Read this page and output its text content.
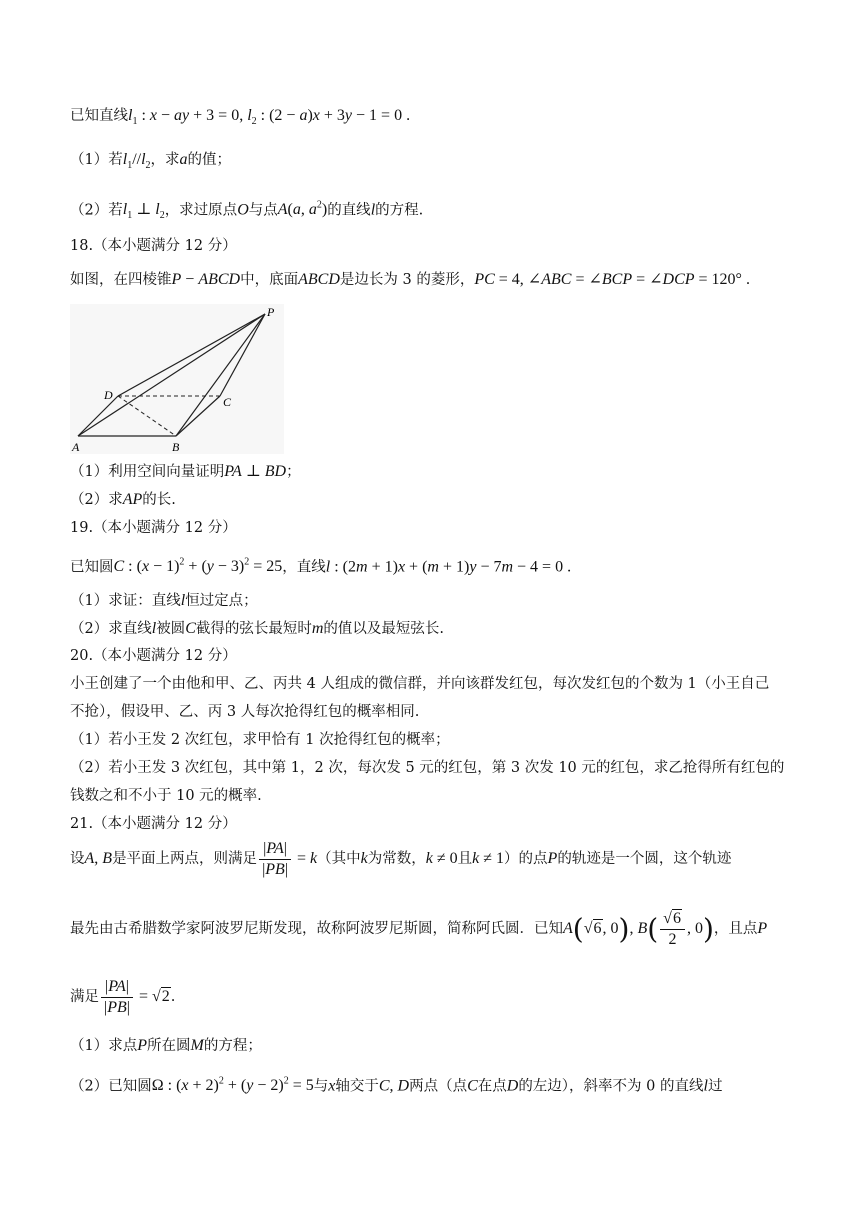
已知直线$l_1$ : x − ay + 3 = 0, $l_2$ : (2 − a)x + 3y − 1 = 0 .
（1）若$l_1//l_2$，求a的值；
（2）若$l_1$ ⊥ $l_2$，求过原点O与点A(a, $a^2$)的直线l的方程.
18.（本小题满分 12 分）
如图，在四棱锥P − ABCD中，底面ABCD是边长为 3 的菱形，PC = 4, ∠ABC = ∠BCP = ∠DCP = 120° .
P
D	C
A	B
（1）利用空间向量证明PA ⊥ BD；
（2）求AP的长.
19.（本小题满分 12 分）
已知圆C : $(x - 1)^2 + (y - 3)^2 = 25$，直线l : (2m + 1)x + (m + 1)y − 7m − 4 = 0 .
（1）求证：直线l恒过定点；
（2）求直线l被圆C截得的弦长最短时m的值以及最短弦长.
20.（本小题满分 12 分）
小王创建了一个由他和甲、乙、丙共 4 人组成的微信群，并向该群发红包，每次发红包的个数为 1（小王自己
不抢），假设甲、乙、丙 3 人每次抢得红包的概率相同.
（1）若小王发 2 次红包，求甲恰有 1 次抢得红包的概率；
（2）若小王发 3 次红包，其中第 1，2 次，每次发 5 元的红包，第 3 次发 10 元的红包，求乙抢得所有红包的
钱数之和不小于 10 元的概率.
21.（本小题满分 12 分）
设A, B是平面上两点，则满足 $\frac{|PA|}{|PB|} = k$（其中k为常数，k ≠ 0且k ≠ 1）的点P的轨迹是一个圆，这个轨迹
最先由古希腊数学家阿波罗尼斯发现，故称阿波罗尼斯圆，简称阿氏圆．已知A(√6, 0), $B( \frac{√6}{2}$ , 0)，且点P
满足 $\frac{|PA|}{|PB|} = √2$.
（1）求点P所在圆M的方程；
（2）已知圆Ω : $(x + 2)^2 + (y - 2)^2 = 5$与x轴交于C, D两点（点C在点D的左边），斜率不为 0 的直线l过
